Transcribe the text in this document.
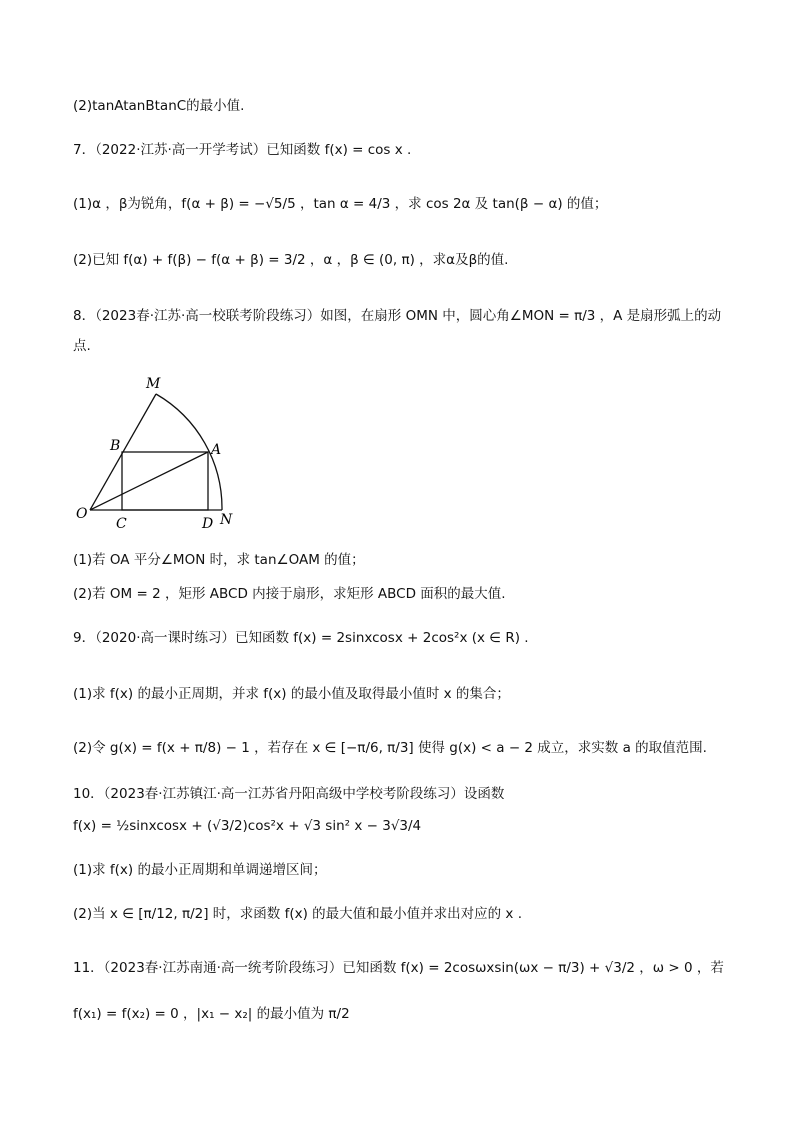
(2)tanAtanBtanC的最小值.
7．（2022·江苏·高一开学考试）已知函数 f(x) = cos x .
(1)α ，β为锐角，f(α + β) = −√5/5 ，tan α = 4/3 ，求 cos 2α 及 tan(β − α) 的值；
(2)已知 f(α) + f(β) − f(α + β) = 3/2 ，α ，β ∈ (0, π) ，求α及β的值.
8．（2023春·江苏·高一校联考阶段练习）如图，在扇形 OMN 中，圆心角∠MON = π/3 ，A 是扇形弧上的动
点.
M
B	A
O
C	D N
(1)若 OA 平分∠MON 时，求 tan∠OAM 的值；
(2)若 OM = 2 ，矩形 ABCD 内接于扇形，求矩形 ABCD 面积的最大值.
9．（2020·高一课时练习）已知函数 f(x) = 2sinxcosx + 2cos²x (x ∈ R) .
(1)求 f(x) 的最小正周期，并求 f(x) 的最小值及取得最小值时 x 的集合；
(2)令 g(x) = f(x + π/8) − 1 ，若存在 x ∈ [−π/6, π/3] 使得 g(x) < a − 2 成立，求实数 a 的取值范围.
10．（2023春·江苏镇江·高一江苏省丹阳高级中学校考阶段练习）设函数
f(x) = ½sinxcosx + (√3/2)cos²x + √3 sin² x − 3√3/4
(1)求 f(x) 的最小正周期和单调递增区间；
(2)当 x ∈ [π/12, π/2] 时，求函数 f(x) 的最大值和最小值并求出对应的 x .
11．（2023春·江苏南通·高一统考阶段练习）已知函数 f(x) = 2cosωxsin(ωx − π/3) + √3/2 ，ω > 0 ，若
f(x₁) = f(x₂) = 0 ，|x₁ − x₂| 的最小值为 π/2
